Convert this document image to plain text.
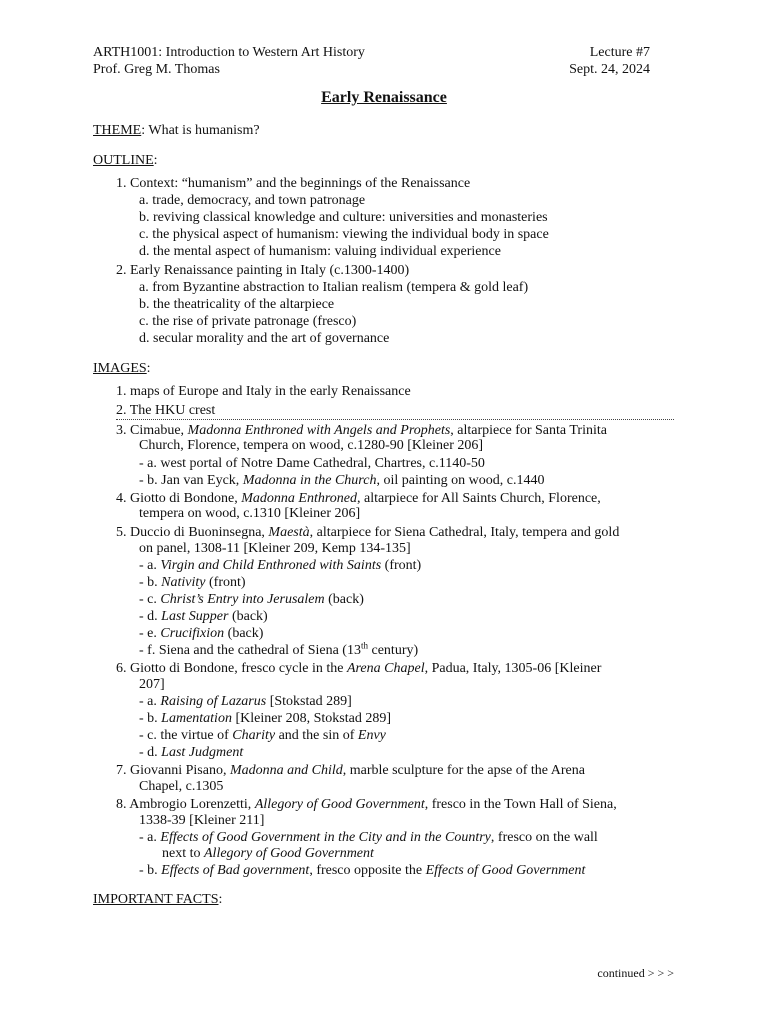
ARTH1001: Introduction to Western Art History
Prof. Greg M. Thomas
Lecture #7
Sept. 24, 2024
Early Renaissance
THEME: What is humanism?
OUTLINE:
1. Context: “humanism” and the beginnings of the Renaissance
a. trade, democracy, and town patronage
b. reviving classical knowledge and culture: universities and monasteries
c. the physical aspect of humanism: viewing the individual body in space
d. the mental aspect of humanism: valuing individual experience
2. Early Renaissance painting in Italy (c.1300-1400)
a. from Byzantine abstraction to Italian realism (tempera & gold leaf)
b. the theatricality of the altarpiece
c. the rise of private patronage (fresco)
d. secular morality and the art of governance
IMAGES:
1. maps of Europe and Italy in the early Renaissance
2. The HKU crest
3. Cimabue, Madonna Enthroned with Angels and Prophets, altarpiece for Santa Trinita
Church, Florence, tempera on wood, c.1280-90 [Kleiner 206]
- a. west portal of Notre Dame Cathedral, Chartres, c.1140-50
- b. Jan van Eyck, Madonna in the Church, oil painting on wood, c.1440
4. Giotto di Bondone, Madonna Enthroned, altarpiece for All Saints Church, Florence,
tempera on wood, c.1310 [Kleiner 206]
5. Duccio di Buoninsegna, Maestà, altarpiece for Siena Cathedral, Italy, tempera and gold
on panel, 1308-11 [Kleiner 209, Kemp 134-135]
- a. Virgin and Child Enthroned with Saints (front)
- b. Nativity (front)
- c. Christ’s Entry into Jerusalem (back)
- d. Last Supper (back)
- e. Crucifixion (back)
- f. Siena and the cathedral of Siena (13th century)
6. Giotto di Bondone, fresco cycle in the Arena Chapel, Padua, Italy, 1305-06 [Kleiner
207]
- a. Raising of Lazarus [Stokstad 289]
- b. Lamentation [Kleiner 208, Stokstad 289]
- c. the virtue of Charity and the sin of Envy
- d. Last Judgment
7. Giovanni Pisano, Madonna and Child, marble sculpture for the apse of the Arena
Chapel, c.1305
8. Ambrogio Lorenzetti, Allegory of Good Government, fresco in the Town Hall of Siena,
1338-39 [Kleiner 211]
- a. Effects of Good Government in the City and in the Country, fresco on the wall
next to Allegory of Good Government
- b. Effects of Bad government, fresco opposite the Effects of Good Government
IMPORTANT FACTS:
continued > > >
